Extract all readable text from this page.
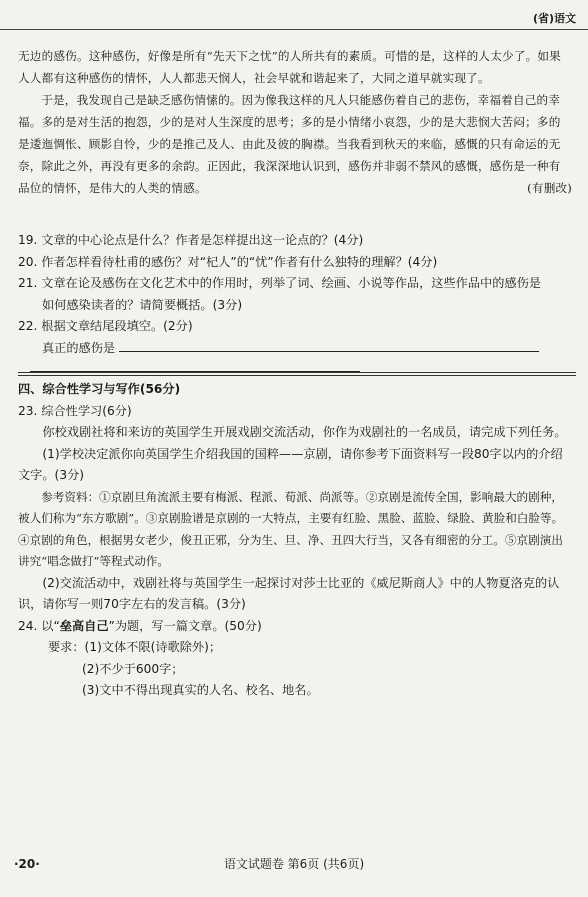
(省)语文

无边的感伤。这种感伤，好像是所有“先天下之忧”的人所共有的素质。可惜的是，这样的人太少了。如果人人都有这种感伤的情怀，人人都悲天悯人，社会早就和谐起来了，大同之道早就实现了。

于是，我发现自己是缺乏感伤情愫的。因为像我这样的凡人只能感伤着自己的悲伤，幸福着自己的幸福。多的是对生活的抱怨，少的是对人生深度的思考；多的是小情绪小哀怨，少的是大悲悯大苦闷；多的是逶迤惆怅、顾影自怜，少的是推己及人、由此及彼的胸襟。当我看到秋天的来临，感慨的只有命运的无奈，除此之外，再没有更多的余韵。正因此，我深深地认识到，感伤并非弱不禁风的感慨，感伤是一种有品位的情怀，是伟大的人类的情感。	(有删改)

19. 文章的中心论点是什么？作者是怎样提出这一论点的？(4分)

20. 作者怎样看待杜甫的感伤？对“杞人”的“忧”作者有什么独特的理解？(4分)

21. 文章在论及感伤在文化艺术中的作用时，列举了词、绘画、小说等作品，这些作品中的感伤是

如何感染读者的？请简要概括。(3分)

22. 根据文章结尾段填空。(2分)

真正的感伤是

四、综合性学习与写作(56分)

23. 综合性学习(6分)

你校戏剧社将和来访的英国学生开展戏剧交流活动，你作为戏剧社的一名成员，请完成下列任务。

(1)学校决定派你向英国学生介绍我国的国粹——京剧，请你参考下面资料写一段80字以内的介绍文字。(3分)

参考资料：①京剧旦角流派主要有梅派、程派、荀派、尚派等。②京剧是流传全国，影响最大的剧种，被人们称为“东方歌剧”。③京剧脸谱是京剧的一大特点，主要有红脸、黑脸、蓝脸、绿脸、黄脸和白脸等。④京剧的角色，根据男女老少，俊丑正邪，分为生、旦、净、丑四大行当，又各有细密的分工。⑤京剧演出讲究“唱念做打”等程式动作。

(2)交流活动中，戏剧社将与英国学生一起探讨对莎士比亚的《威尼斯商人》中的人物夏洛克的认识，请你写一则70字左右的发言稿。(3分)

24. 以“垒高自己”为题，写一篇文章。(50分)

要求：(1)文体不限(诗歌除外)；

(2)不少于600字；

(3)文中不得出现真实的人名、校名、地名。

·20·	语文试题卷 第6页 (共6页)
